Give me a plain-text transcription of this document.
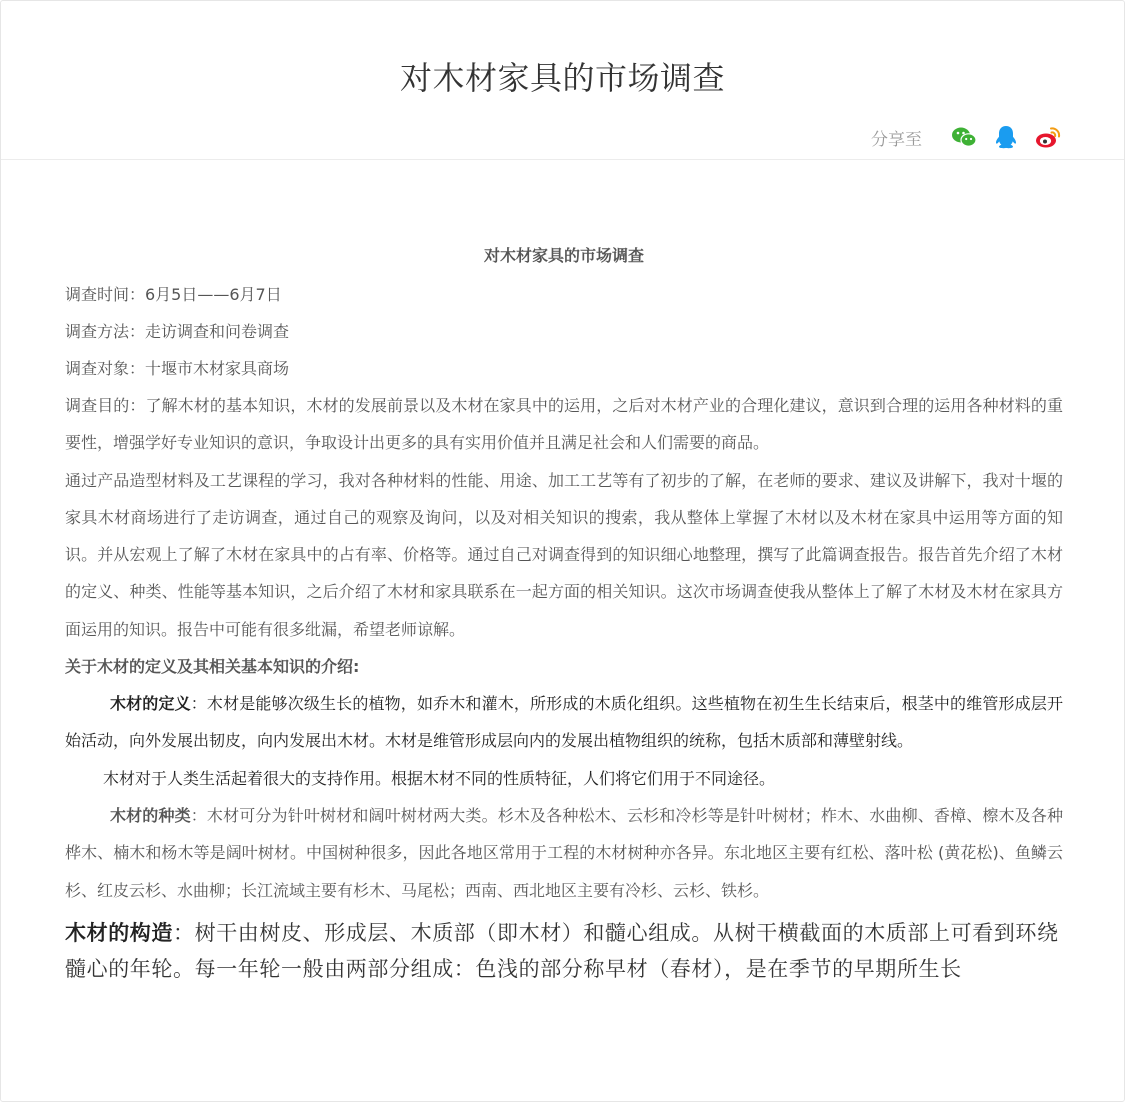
对木材家具的市场调查
分享至

对木材家具的市场调查

调查时间：6月5日——6月7日

调查方法：走访调查和问卷调查

调查对象：十堰市木材家具商场

调查目的：了解木材的基本知识，木材的发展前景以及木材在家具中的运用，之后对木材产业的合理化建议，意识到合理的运用各种材料的重要性，增强学好专业知识的意识，争取设计出更多的具有实用价值并且满足社会和人们需要的商品。

通过产品造型材料及工艺课程的学习，我对各种材料的性能、用途、加工工艺等有了初步的了解，在老师的要求、建议及讲解下，我对十堰的家具木材商场进行了走访调查，通过自己的观察及询问，以及对相关知识的搜索，我从整体上掌握了木材以及木材在家具中运用等方面的知识。并从宏观上了解了木材在家具中的占有率、价格等。通过自己对调查得到的知识细心地整理，撰写了此篇调查报告。报告首先介绍了木材的定义、种类、性能等基本知识，之后介绍了木材和家具联系在一起方面的相关知识。这次市场调查使我从整体上了解了木材及木材在家具方面运用的知识。报告中可能有很多纰漏，希望老师谅解。

关于木材的定义及其相关基本知识的介绍:

木材的定义：木材是能够次级生长的植物，如乔木和灌木，所形成的木质化组织。这些植物在初生生长结束后，根茎中的维管形成层开始活动，向外发展出韧皮，向内发展出木材。木材是维管形成层向内的发展出植物组织的统称，包括木质部和薄壁射线。

木材对于人类生活起着很大的支持作用。根据木材不同的性质特征，人们将它们用于不同途径。

木材的种类：木材可分为针叶树材和阔叶树材两大类。杉木及各种松木、云杉和冷杉等是针叶树材；柞木、水曲柳、香樟、檫木及各种桦木、楠木和杨木等是阔叶树材。中国树种很多，因此各地区常用于工程的木材树种亦各异。东北地区主要有红松、落叶松 (黄花松)、鱼鳞云杉、红皮云杉、水曲柳；长江流域主要有杉木、马尾松；西南、西北地区主要有冷杉、云杉、铁杉。

木材的构造：树干由树皮、形成层、木质部（即木材）和髓心组成。从树干横截面的木质部上可看到环绕髓心的年轮。每一年轮一般由两部分组成：色浅的部分称早材（春材），是在季节的早期所生长
